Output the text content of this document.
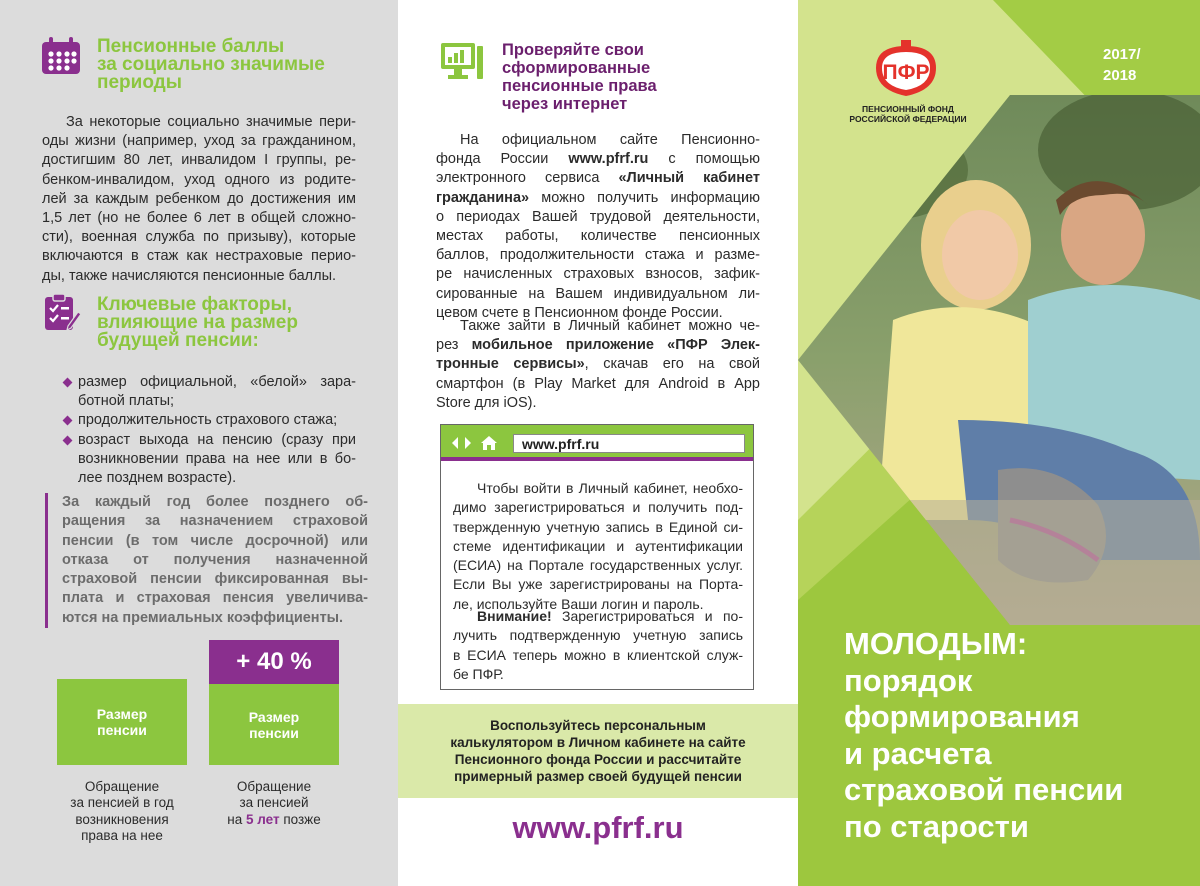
Пенсионные баллы
за социально значимые
периоды
За некоторые социально значимые пери-
оды жизни (например, уход за гражданином,
достигшим 80 лет, инвалидом I группы, ре-
бенком-инвалидом, уход одного из родите-
лей за каждым ребенком до достижения им
1,5 лет (но не более 6 лет в общей сложно-
сти), военная служба по призыву), которые
включаются в стаж как нестраховые перио-
ды, также начисляются пенсионные баллы.
Ключевые факторы,
влияющие на размер
будущей пенсии:
размер официальной, «белой» зара-
ботной платы;
продолжительность страхового стажа;
возраст выхода на пенсию (сразу при
возникновении права на нее или в бо-
лее позднем возрасте).
За каждый год более позднего об-
ращения за назначением страховой
пенсии (в том числе досрочной) или
отказа от получения назначенной
страховой пенсии фиксированная вы-
плата и страховая пенсия увеличива-
ются на премиальных коэффициенты.
+ 40 %
Размер
пенсии
Размер
пенсии
Обращение
за пенсией в год
возникновения
права на нее
Обращение
за пенсией
на 5 лет позже
Проверяйте свои
сформированные
пенсионные права
через интернет
На официальном сайте Пенсионно-
фонда России www.pfrf.ru с помощью
электронного сервиса «Личный кабинет
гражданина» можно получить информацию
о периодах Вашей трудовой деятельности,
местах работы, количестве пенсионных
баллов, продолжительности стажа и разме-
ре начисленных страховых взносов, зафик-
сированные на Вашем индивидуальном ли-
цевом счете в Пенсионном фонде России.
Также зайти в Личный кабинет можно че-
рез мобильное приложение «ПФР Элек-
тронные сервисы», скачав его на свой
смартфон (в Play Market для Android в App
Store для iOS).
www.pfrf.ru
Чтобы войти в Личный кабинет, необхо-
димо зарегистрироваться и получить под-
твержденную учетную запись в Единой си-
стеме идентификации и аутентификации
(ЕСИА) на Портале государственных услуг.
Если Вы уже зарегистрированы на Порта-
ле, используйте Ваши логин и пароль.
Внимание! Зарегистрироваться и по-
лучить подтвержденную учетную запись
в ЕСИА теперь можно в клиентской служ-
бе ПФР.
Воспользуйтесь персональным
калькулятором в Личном кабинете на сайте
Пенсионного фонда России и рассчитайте
примерный размер своей будущей пенсии
www.pfrf.ru
ПФР
ПЕНСИОННЫЙ ФОНД
РОССИЙСКОЙ ФЕДЕРАЦИИ
2017/
2018
МОЛОДЫМ:
порядок
формирования
и расчета
страховой пенсии
по старости
